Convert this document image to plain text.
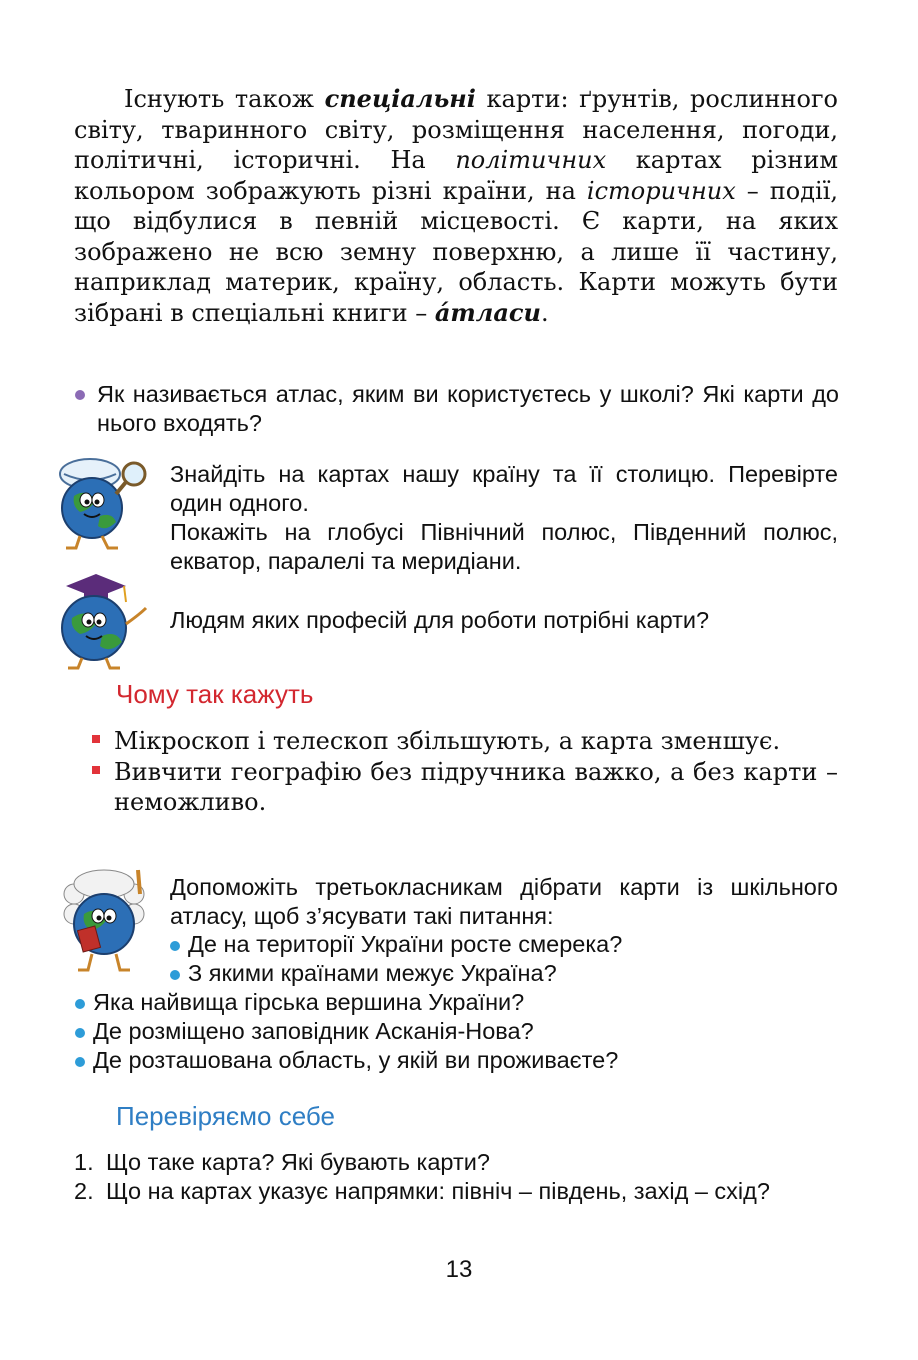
Існують також спеціальні карти: ґрунтів, рослинного світу, тваринного світу, розміщення населення, погоди, політичні, історичні. На політичних картах різним кольором зображують різні країни, на історичних – події, що відбулися в певній місцевості. Є карти, на яких зображено не всю земну поверхню, а лише її частину, наприклад материк, країну, область. Карти можуть бути зібрані в спеціальні книги – áтласи.

Як називається атлас, яким ви користуєтесь у школі? Які карти до нього входять?

Знайдіть на картах нашу країну та її столицю. Перевірте один одного.

Покажіть на глобусі Північний полюс, Південний полюс, екватор, паралелі та меридіани.

Людям яких професій для роботи потрібні карти?

Чому так кажуть

Мікроскоп і телескоп збільшують, а карта зменшує.

Вивчити географію без підручника важко, а без карти – неможливо.

Допоможіть третьокласникам дібрати карти із шкільного атласу, щоб з’ясувати такі питання:
Де на території України росте смерека?
З якими країнами межує Україна?
Яка найвища гірська вершина України?
Де розміщено заповідник Асканія-Нова?
Де розташована область, у якій ви проживаєте?
Перевіряємо себе
1. Що таке карта? Які бувають карти?
2. Що на картах указує напрямки: північ – південь, захід – схід?
13
